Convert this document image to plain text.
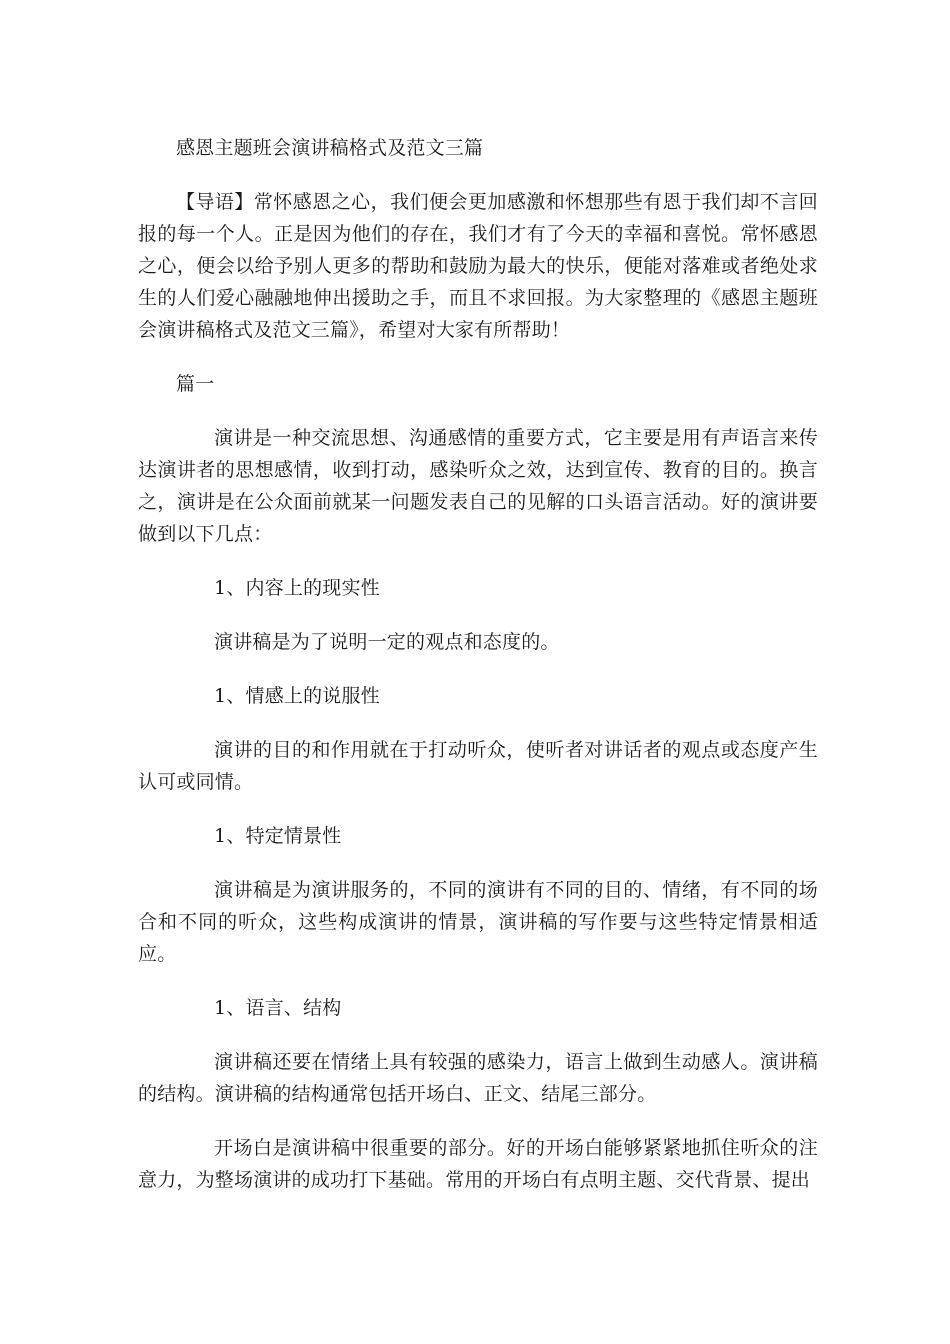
感恩主题班会演讲稿格式及范文三篇

【导语】常怀感恩之心，我们便会更加感激和怀想那些有恩于我们却不言回报的每一个人。正是因为他们的存在，我们才有了今天的幸福和喜悦。常怀感恩之心，便会以给予别人更多的帮助和鼓励为最大的快乐，便能对落难或者绝处求生的人们爱心融融地伸出援助之手，而且不求回报。为大家整理的《感恩主题班会演讲稿格式及范文三篇》，希望对大家有所帮助！

篇一

演讲是一种交流思想、沟通感情的重要方式，它主要是用有声语言来传达演讲者的思想感情，收到打动，感染听众之效，达到宣传、教育的目的。换言之，演讲是在公众面前就某一问题发表自己的见解的口头语言活动。好的演讲要做到以下几点：

1、内容上的现实性

演讲稿是为了说明一定的观点和态度的。

1、情感上的说服性

演讲的目的和作用就在于打动听众，使听者对讲话者的观点或态度产生认可或同情。

1、特定情景性

演讲稿是为演讲服务的，不同的演讲有不同的目的、情绪，有不同的场合和不同的听众，这些构成演讲的情景，演讲稿的写作要与这些特定情景相适应。

1、语言、结构

演讲稿还要在情绪上具有较强的感染力，语言上做到生动感人。演讲稿的结构。演讲稿的结构通常包括开场白、正文、结尾三部分。

开场白是演讲稿中很重要的部分。好的开场白能够紧紧地抓住听众的注意力，为整场演讲的成功打下基础。常用的开场白有点明主题、交代背景、提出
